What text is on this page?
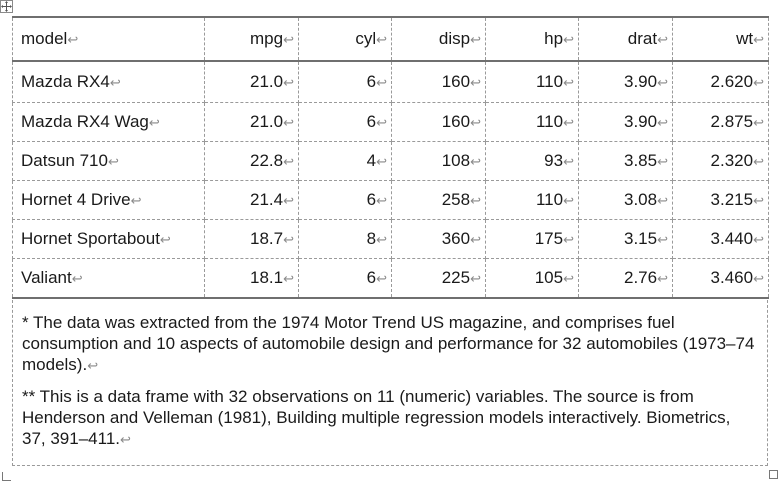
model↩	mpg↩	cyl↩	disp↩	hp↩	drat↩	wt↩
Mazda RX4↩	21.0↩	6↩	160↩	110↩	3.90↩	2.620↩
Mazda RX4 Wag↩	21.0↩	6↩	160↩	110↩	3.90↩	2.875↩
Datsun 710↩	22.8↩	4↩	108↩	93↩	3.85↩	2.320↩
Hornet 4 Drive↩	21.4↩	6↩	258↩	110↩	3.08↩	3.215↩
Hornet Sportabout↩	18.7↩	8↩	360↩	175↩	3.15↩	3.440↩
Valiant↩	18.1↩	6↩	225↩	105↩	2.76↩	3.460↩
* The data was extracted from the 1974 Motor Trend US magazine, and comprises fuel consumption and 10 aspects of automobile design and performance for 32 automobiles (1973–74 models).↩
** This is a data frame with 32 observations on 11 (numeric) variables. The source is from Henderson and Velleman (1981), Building multiple regression models interactively. Biometrics, 37, 391–411.↩
